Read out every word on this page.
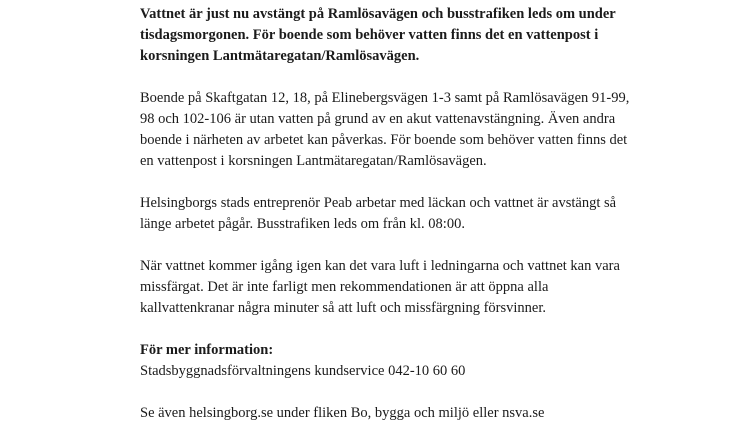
Vattnet är just nu avstängt på Ramlösavägen och busstrafiken leds om under tisdagsmorgonen. För boende som behöver vatten finns det en vattenpost i korsningen Lantmätaregatan/Ramlösavägen.

Boende på Skaftgatan 12, 18, på Elinebergsvägen 1-3 samt på Ramlösavägen 91-99, 98 och 102-106 är utan vatten på grund av en akut vattenavstängning. Även andra boende i närheten av arbetet kan påverkas. För boende som behöver vatten finns det en vattenpost i korsningen Lantmätaregatan/Ramlösavägen.

Helsingborgs stads entreprenör Peab arbetar med läckan och vattnet är avstängt så länge arbetet pågår. Busstrafiken leds om från kl. 08:00.

När vattnet kommer igång igen kan det vara luft i ledningarna och vattnet kan vara missfärgat. Det är inte farligt men rekommendationen är att öppna alla kallvattenkranar några minuter så att luft och missfärgning försvinner.

För mer information:
Stadsbyggnadsförvaltningens kundservice 042-10 60 60

Se även helsingborg.se under fliken Bo, bygga och miljö eller nsva.se
